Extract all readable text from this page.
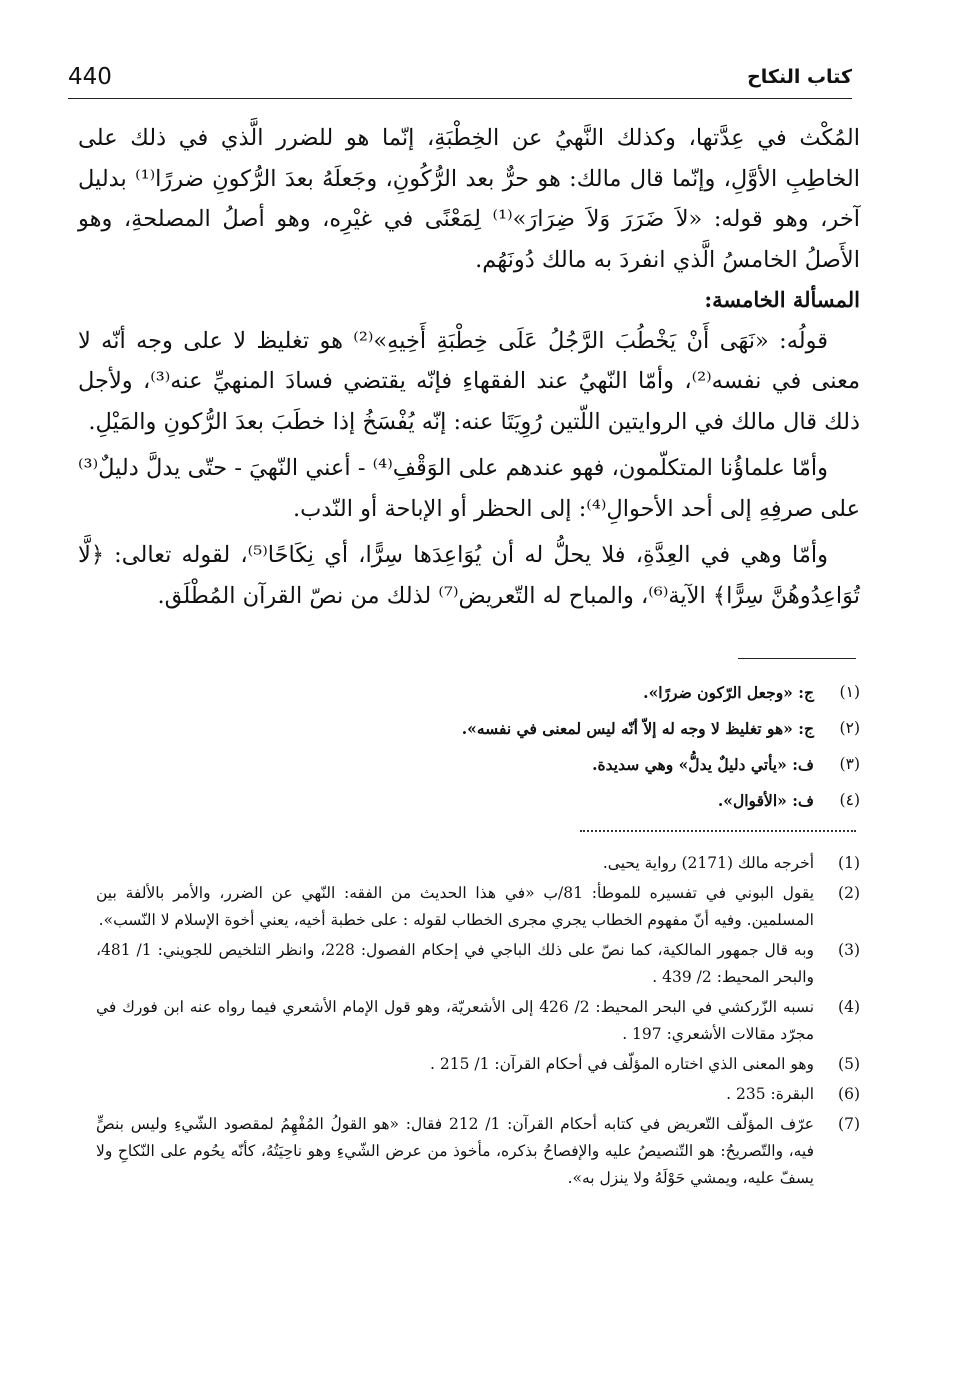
440	كتاب النكاح

المُكْث في عِدَّتها، وكذلك النَّهيُ عن الخِطْبَةِ، إنّما هو للضرر الَّذي في ذلك على الخاطِبِ الأوَّلِ، وإنّما قال مالك: هو حرٌّ بعد الرُّكُونِ، وجَعلَهُ بعدَ الرُّكونِ ضررًا⁽¹⁾ بدليل آخر، وهو قوله: «لاَ ضَرَرَ وَلاَ ضِرَارَ»⁽¹⁾ لِمَعْنًى في غيْرِه، وهو أصلُ المصلحةِ، وهو الأَصلُ الخامسُ الَّذي انفردَ به مالك دُونَهُم.

المسألة الخامسة:

قولُه: «نَهَى أَنْ يَخْطُبَ الرَّجُلُ عَلَى خِطْبَةِ أَخِيهِ»⁽²⁾ هو تغليظ لا على وجه أنّه لا معنى في نفسه⁽²⁾، وأمّا النّهيُ عند الفقهاءِ فإنّه يقتضي فسادَ المنهيِّ عنه⁽³⁾، ولأجل ذلك قال مالك في الروايتين اللّتين رُوِيَتَا عنه: إنّه يُفْسَخُ إذا خطَبَ بعدَ الرُّكونِ والمَيْلِ.

وأمّا علماؤُنا المتكلّمون، فهو عندهم على الوَقْفِ⁽⁴⁾ - أعني النّهيَ - حتّى يدلَّ دليلٌ⁽³⁾ على صرفِهِ إلى أحد الأحوالِ⁽⁴⁾: إلى الحظر أو الإباحة أو النّدب.

وأمّا وهي في العِدَّةِ، فلا يحلُّ له أن يُوَاعِدَها سِرًّا، أي نِكَاحًا⁽⁵⁾، لقوله تعالى: ﴿لَّا تُوَاعِدُوهُنَّ سِرًّا﴾ الآية⁽⁶⁾، والمباح له التّعريض⁽⁷⁾ لذلك من نصّ القرآن المُطْلَق.

(١)
ج: «وجعل الرّكون ضررًا».
(٢)
ج: «هو تغليظ لا وجه له إلاّ أنّه ليس لمعنى في نفسه».
(٣)
ف: «يأتي دليلٌ يدلُّ» وهي سديدة.
(٤)
ف: «الأقوال».
(1)
أخرجه مالك (2171) رواية يحيى.
(2)
يقول البوني في تفسيره للموطأ: 81/ب «في هذا الحديث من الفقه: النّهي عن الضرر، والأمر بالألفة بين المسلمين. وفيه أنّ مفهوم الخطاب يجري مجرى الخطاب لقوله : على خطبة أخيه، يعني أخوة الإسلام لا النّسب».
(3)
وبه قال جمهور المالكية، كما نصّ على ذلك الباجي في إحكام الفصول: 228، وانظر التلخيص للجويني: 1/ 481، والبحر المحيط: 2/ 439 .
(4)
نسبه الزّركشي في البحر المحيط: 2/ 426 إلى الأشعريّة، وهو قول الإمام الأشعري فيما رواه عنه ابن فورك في مجرّد مقالات الأشعري: 197 .
(5)
وهو المعنى الذي اختاره المؤلّف في أحكام القرآن: 1/ 215 .
(6)
البقرة: 235 .
(7)
عرّف المؤلّف التّعريض في كتابه أحكام القرآن: 1/ 212 فقال: «هو القولُ المُفْهِمُ لمقصود الشّيءِ وليس بنصٍّ فيه، والتّصريحُ: هو التّنصيصُ عليه والإفصاحُ بذكره، مأخوذ من عرض الشّيءِ وهو ناحِيَتُهُ، كأنّه يحُوم على النّكاحِ ولا يسفّ عليه، ويمشي حَوْلَهُ ولا ينزل به».
